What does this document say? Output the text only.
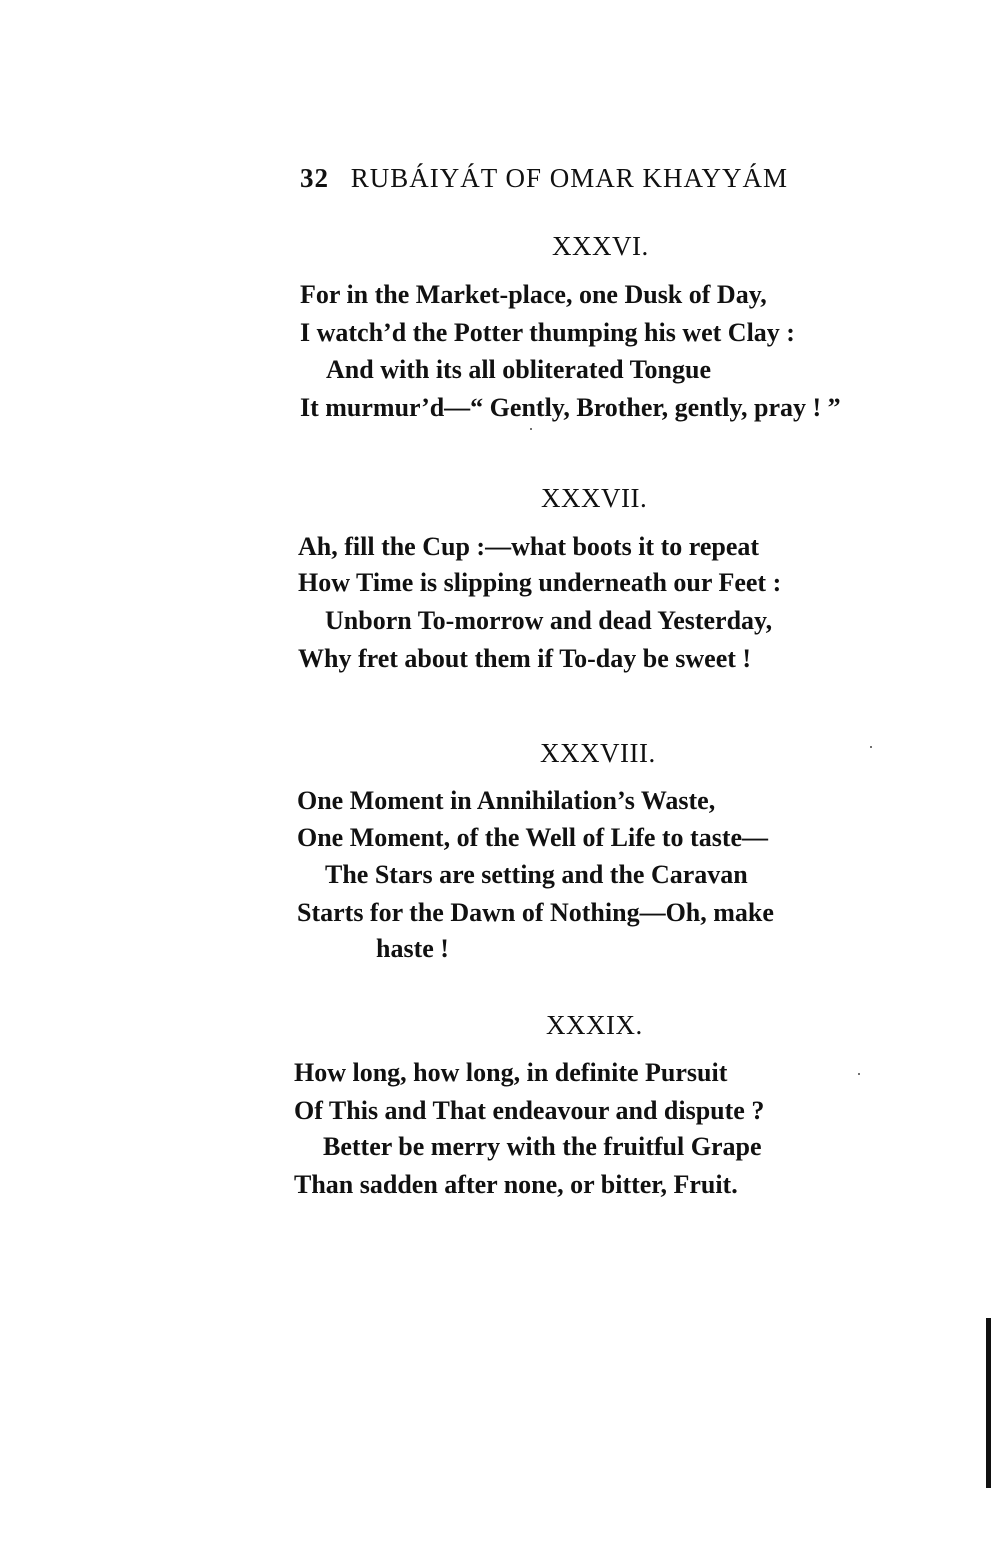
32 RUBÁIYÁT OF OMAR KHAYYÁM
XXXVI.
For in the Market-place, one Dusk of Day,
I watch’d the Potter thumping his wet Clay :
And with its all obliterated Tongue
It murmur’d—“ Gently, Brother, gently, pray ! ”
XXXVII.
Ah, fill the Cup :—what boots it to repeat
How Time is slipping underneath our Feet :
Unborn To-morrow and dead Yesterday,
Why fret about them if To-day be sweet !
XXXVIII.
One Moment in Annihilation’s Waste,
One Moment, of the Well of Life to taste—
The Stars are setting and the Caravan
Starts for the Dawn of Nothing—Oh, make
haste !
XXXIX.
How long, how long, in definite Pursuit
Of This and That endeavour and dispute ?
Better be merry with the fruitful Grape
Than sadden after none, or bitter, Fruit.
